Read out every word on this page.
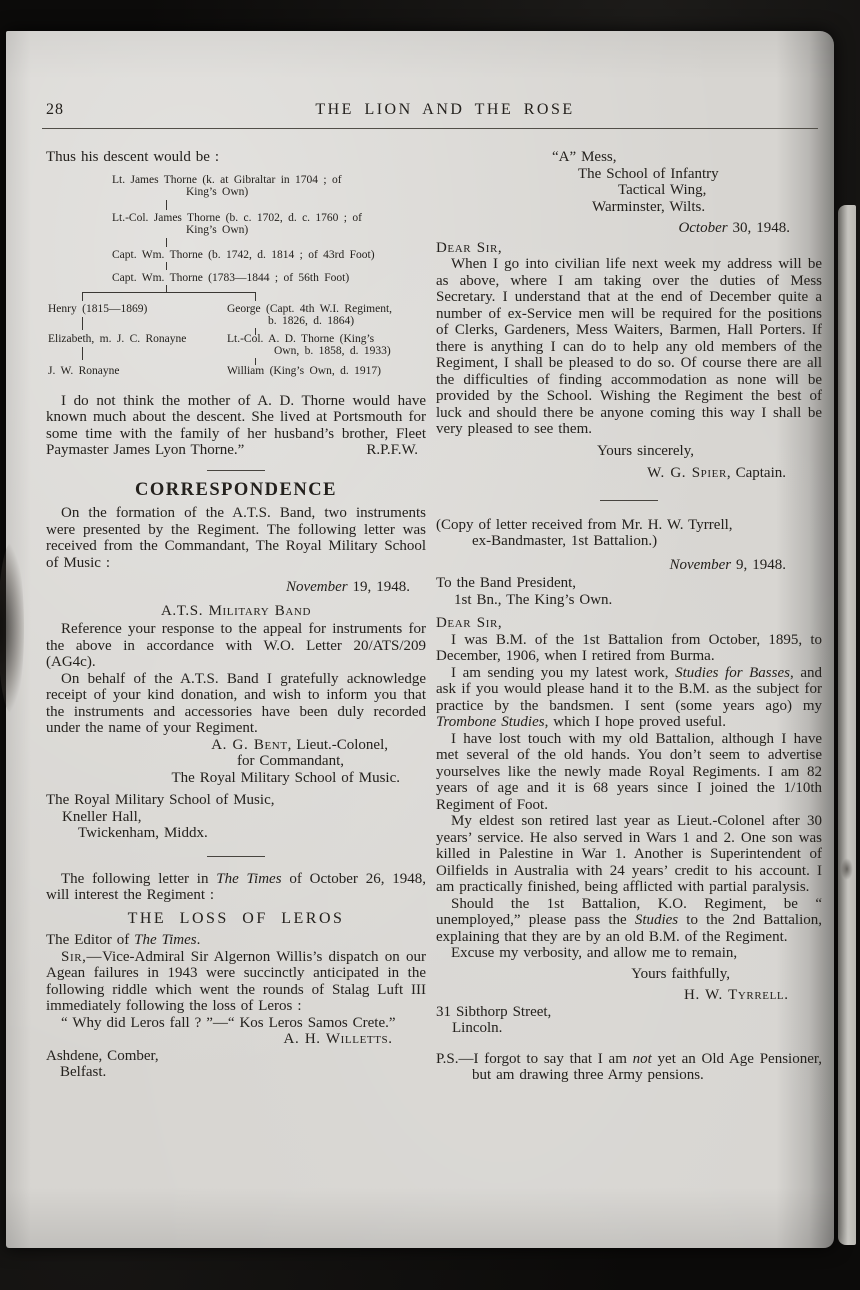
28	THE LION AND THE ROSE

Thus his descent would be :

Lt. James Thorne (k. at Gibraltar in 1704 ; of
King’s Own)
Lt.-Col. James Thorne (b. c. 1702, d. c. 1760 ; of
King’s Own)
Capt. Wm. Thorne (b. 1742, d. 1814 ; of 43rd Foot)
Capt. Wm. Thorne (1783—1844 ; of 56th Foot)
Henry (1815—1869)	George (Capt. 4th W.I. Regiment,
b. 1826, d. 1864)
Elizabeth, m. J. C. Ronayne	Lt.-Col. A. D. Thorne (King’s
Own, b. 1858, d. 1933)
J. W. Ronayne	William (King’s Own, d. 1917)

I do not think the mother of A. D. Thorne would have known much about the descent. She lived at Portsmouth for some time with the family of her husband’s brother, Fleet Paymaster James Lyon Thorne.”	R.P.F.W.

CORRESPONDENCE

On the formation of the A.T.S. Band, two instruments were presented by the Regiment. The following letter was received from the Commandant, The Royal Military School of Music :

November 19, 1948.
A.T.S. Military Band

Reference your response to the appeal for instruments for the above in accordance with W.O. Letter 20/ATS/209 (AG4c).

On behalf of the A.T.S. Band I gratefully acknowledge receipt of your kind donation, and wish to inform you that the instruments and accessories have been duly recorded under the name of your Regiment.

A. G. Bent, Lieut.-Colonel,
for Commandant,
The Royal Military School of Music.
The Royal Military School of Music,
Kneller Hall,
Twickenham, Middx.

The following letter in The Times of October 26, 1948, will interest the Regiment :

THE LOSS OF LEROS

The Editor of The Times.

Sir,—Vice-Admiral Sir Algernon Willis’s dispatch on our Agean failures in 1943 were succinctly anticipated in the following riddle which went the rounds of Stalag Luft III immediately following the loss of Leros :

“ Why did Leros fall ? ”—“ Kos Leros Samos Crete.”

A. H. Willetts.
Ashdene, Comber,
Belfast.
“A” Mess,
The School of Infantry
Tactical Wing,
Warminster, Wilts.
October 30, 1948.
Dear Sir,

When I go into civilian life next week my address will be as above, where I am taking over the duties of Mess Secretary. I understand that at the end of December quite a number of ex-Service men will be required for the positions of Clerks, Gardeners, Mess Waiters, Barmen, Hall Porters. If there is anything I can do to help any old members of the Regiment, I shall be pleased to do so. Of course there are all the difficulties of finding accommodation as none will be provided by the School. Wishing the Regiment the best of luck and should there be anyone coming this way I shall be very pleased to see them.

Yours sincerely,
W. G. Spier, Captain.
(Copy of letter received from Mr. H. W. Tyrrell,
ex-Bandmaster, 1st Battalion.)
November 9, 1948.
To the Band President,
1st Bn., The King’s Own.
Dear Sir,

I was B.M. of the 1st Battalion from October, 1895, to December, 1906, when I retired from Burma.

I am sending you my latest work, Studies for Basses, and ask if you would please hand it to the B.M. as the subject for practice by the bandsmen. I sent (some years ago) my Trombone Studies, which I hope proved useful.

I have lost touch with my old Battalion, although I have met several of the old hands. You don’t seem to advertise yourselves like the newly made Royal Regiments. I am 82 years of age and it is 68 years since I joined the 1/10th Regiment of Foot.

My eldest son retired last year as Lieut.-Colonel after 30 years’ service. He also served in Wars 1 and 2. One son was killed in Palestine in War 1. Another is Superintendent of Oilfields in Australia with 24 years’ credit to his account. I am practically finished, being afflicted with partial paralysis.

Should the 1st Battalion, K.O. Regiment, be “ unemployed,” please pass the Studies to the 2nd Battalion, explaining that they are by an old B.M. of the Regiment.

Excuse my verbosity, and allow me to remain,

Yours faithfully,
H. W. Tyrrell.
31 Sibthorp Street,
Lincoln.

P.S.—I forgot to say that I am not yet an Old Age Pensioner, but am drawing three Army pensions.
